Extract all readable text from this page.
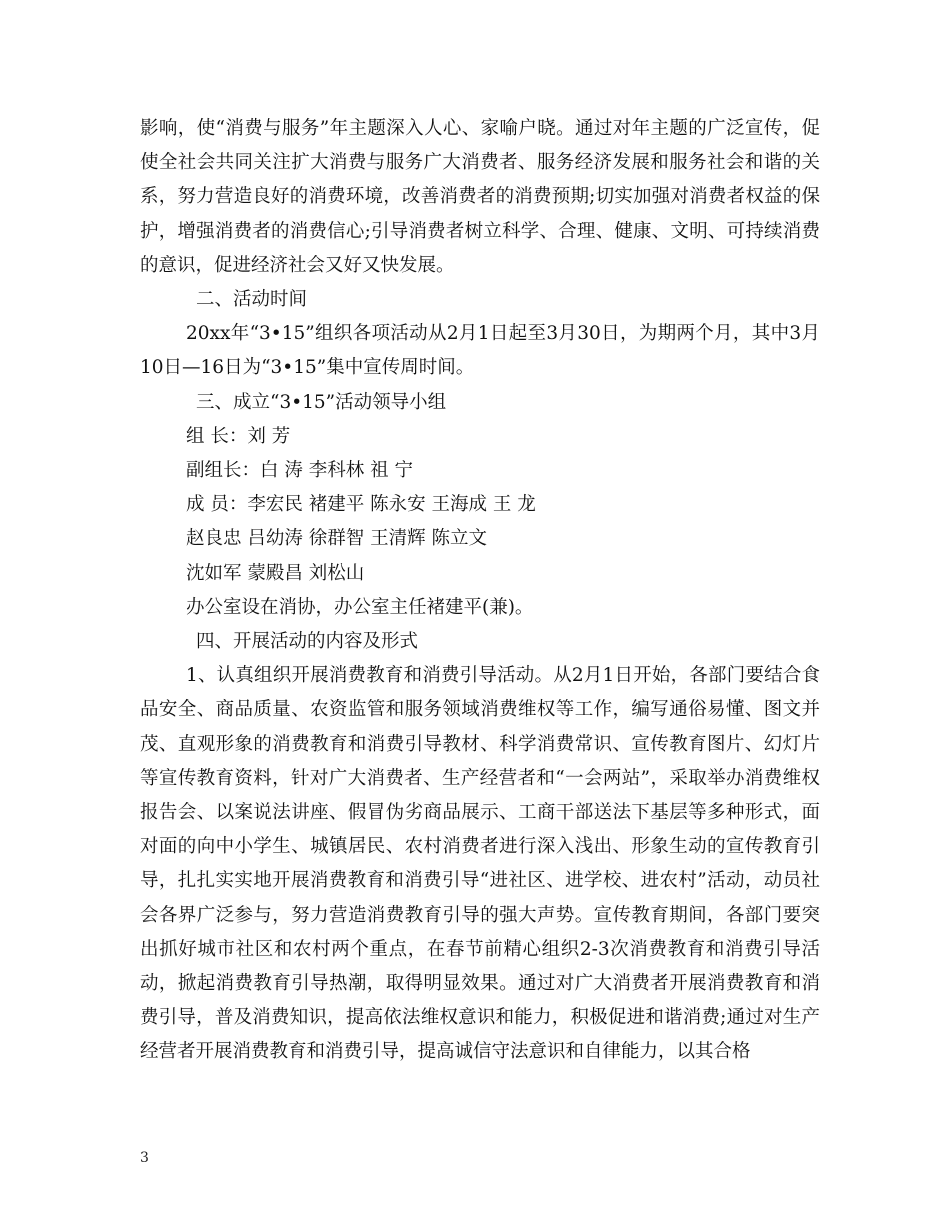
影响，使“消费与服务”年主题深入人心、家喻户晓。通过对年主题的广泛宣传，促使全社会共同关注扩大消费与服务广大消费者、服务经济发展和服务社会和谐的关系，努力营造良好的消费环境，改善消费者的消费预期;切实加强对消费者权益的保护，增强消费者的消费信心;引导消费者树立科学、合理、健康、文明、可持续消费的意识，促进经济社会又好又快发展。

二、活动时间

20xx年“3•15”组织各项活动从2月1日起至3月30日，为期两个月，其中3月10日—16日为“3•15”集中宣传周时间。

三、成立“3•15”活动领导小组

组 长：刘 芳

副组长：白 涛 李科林 祖 宁

成 员：李宏民 褚建平 陈永安 王海成 王 龙

赵良忠 吕幼涛 徐群智 王清辉 陈立文

沈如军 蒙殿昌 刘松山

办公室设在消协，办公室主任褚建平(兼)。

四、开展活动的内容及形式

1、认真组织开展消费教育和消费引导活动。从2月1日开始，各部门要结合食品安全、商品质量、农资监管和服务领域消费维权等工作，编写通俗易懂、图文并茂、直观形象的消费教育和消费引导教材、科学消费常识、宣传教育图片、幻灯片等宣传教育资料，针对广大消费者、生产经营者和“一会两站”，采取举办消费维权报告会、以案说法讲座、假冒伪劣商品展示、工商干部送法下基层等多种形式，面对面的向中小学生、城镇居民、农村消费者进行深入浅出、形象生动的宣传教育引导，扎扎实实地开展消费教育和消费引导“进社区、进学校、进农村”活动，动员社会各界广泛参与，努力营造消费教育引导的强大声势。宣传教育期间，各部门要突出抓好城市社区和农村两个重点，在春节前精心组织2-3次消费教育和消费引导活动，掀起消费教育引导热潮，取得明显效果。通过对广大消费者开展消费教育和消费引导，普及消费知识，提高依法维权意识和能力，积极促进和谐消费;通过对生产经营者开展消费教育和消费引导，提高诚信守法意识和自律能力，以其合格

3
